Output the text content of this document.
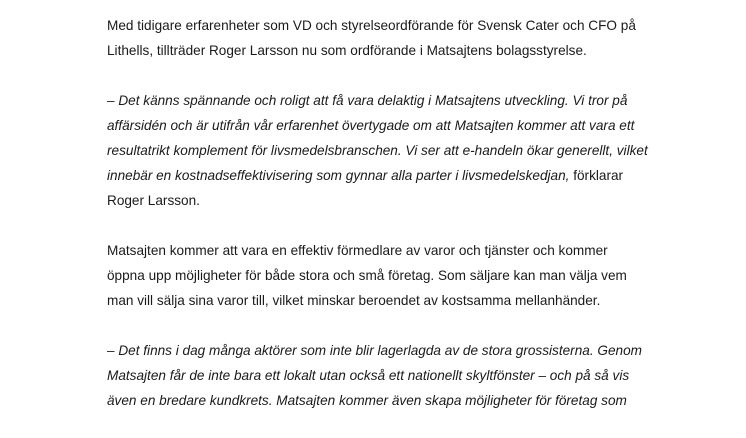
Med tidigare erfarenheter som VD och styrelseordförande för Svensk Cater och CFO på
Lithells, tillträder Roger Larsson nu som ordförande i Matsajtens bolagsstyrelse.
– Det känns spännande och roligt att få vara delaktig i Matsajtens utveckling. Vi tror på
affärsidén och är utifrån vår erfarenhet övertygade om att Matsajten kommer att vara ett
resultatrikt komplement för livsmedelsbranschen. Vi ser att e-handeln ökar generellt, vilket
innebär en kostnadseffektivisering som gynnar alla parter i livsmedelskedjan, förklarar
Roger Larsson.
Matsajten kommer att vara en effektiv förmedlare av varor och tjänster och kommer
öppna upp möjligheter för både stora och små företag. Som säljare kan man välja vem
man vill sälja sina varor till, vilket minskar beroendet av kostsamma mellanhänder.
– Det finns i dag många aktörer som inte blir lagerlagda av de stora grossisterna. Genom
Matsajten får de inte bara ett lokalt utan också ett nationellt skyltfönster – och på så vis
även en bredare kundkrets. Matsajten kommer även skapa möjligheter för företag som
